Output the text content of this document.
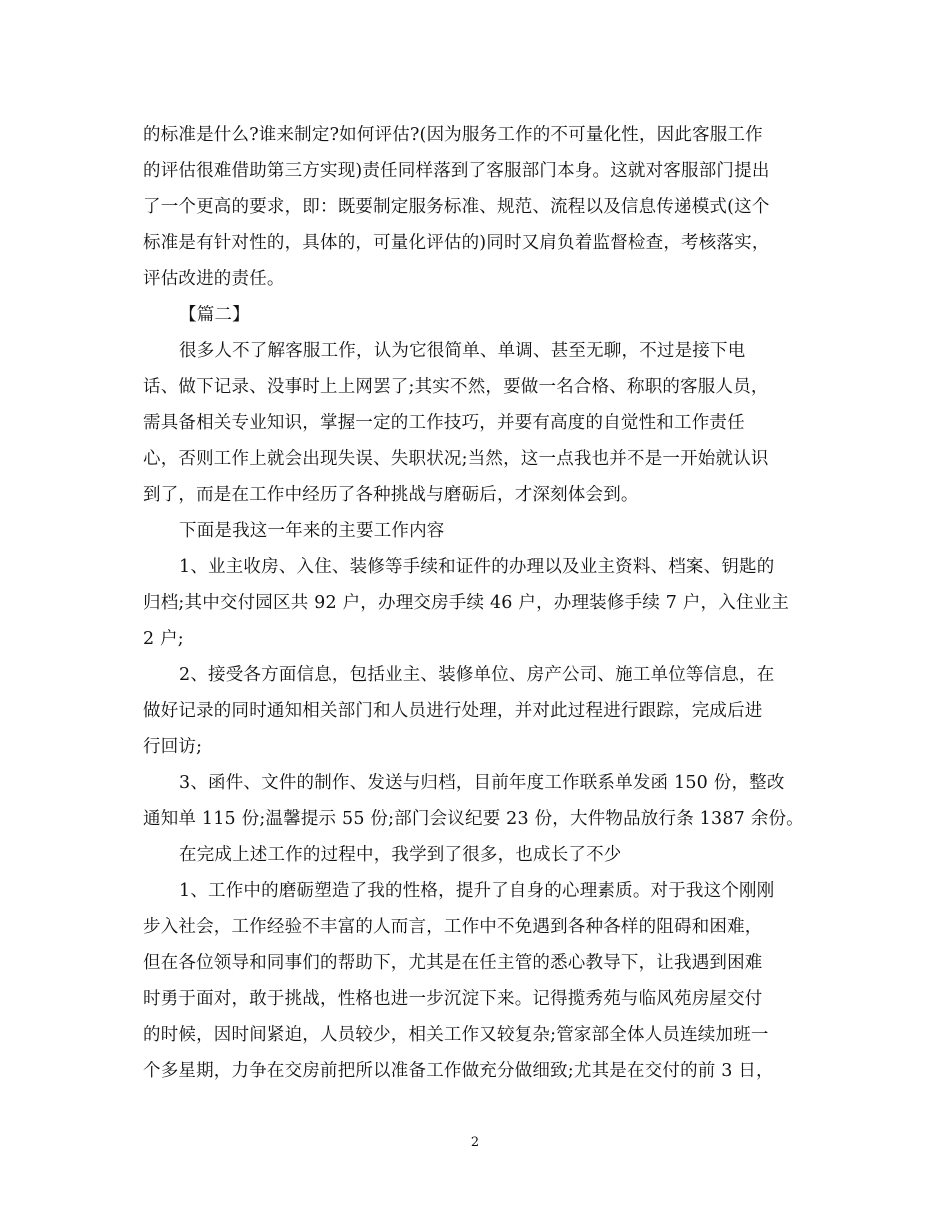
的标准是什么?谁来制定?如何评估?(因为服务工作的不可量化性，因此客服工作
的评估很难借助第三方实现)责任同样落到了客服部门本身。这就对客服部门提出
了一个更高的要求，即：既要制定服务标准、规范、流程以及信息传递模式(这个
标准是有针对性的，具体的，可量化评估的)同时又肩负着监督检查，考核落实，
评估改进的责任。
【篇二】
很多人不了解客服工作，认为它很简单、单调、甚至无聊，不过是接下电
话、做下记录、没事时上上网罢了;其实不然，要做一名合格、称职的客服人员，
需具备相关专业知识，掌握一定的工作技巧，并要有高度的自觉性和工作责任
心，否则工作上就会出现失误、失职状况;当然，这一点我也并不是一开始就认识
到了，而是在工作中经历了各种挑战与磨砺后，才深刻体会到。
下面是我这一年来的主要工作内容
1、业主收房、入住、装修等手续和证件的办理以及业主资料、档案、钥匙的
归档;其中交付园区共 92 户，办理交房手续 46 户，办理装修手续 7 户，入住业主
2 户;
2、接受各方面信息，包括业主、装修单位、房产公司、施工单位等信息，在
做好记录的同时通知相关部门和人员进行处理，并对此过程进行跟踪，完成后进
行回访;
3、函件、文件的制作、发送与归档，目前年度工作联系单发函 150 份，整改
通知单 115 份;温馨提示 55 份;部门会议纪要 23 份，大件物品放行条 1387 余份。
在完成上述工作的过程中，我学到了很多，也成长了不少
1、工作中的磨砺塑造了我的性格，提升了自身的心理素质。对于我这个刚刚
步入社会，工作经验不丰富的人而言，工作中不免遇到各种各样的阻碍和困难，
但在各位领导和同事们的帮助下，尤其是在任主管的悉心教导下，让我遇到困难
时勇于面对，敢于挑战，性格也进一步沉淀下来。记得揽秀苑与临风苑房屋交付
的时候，因时间紧迫，人员较少，相关工作又较复杂;管家部全体人员连续加班一
个多星期，力争在交房前把所以准备工作做充分做细致;尤其是在交付的前 3 日，
2
